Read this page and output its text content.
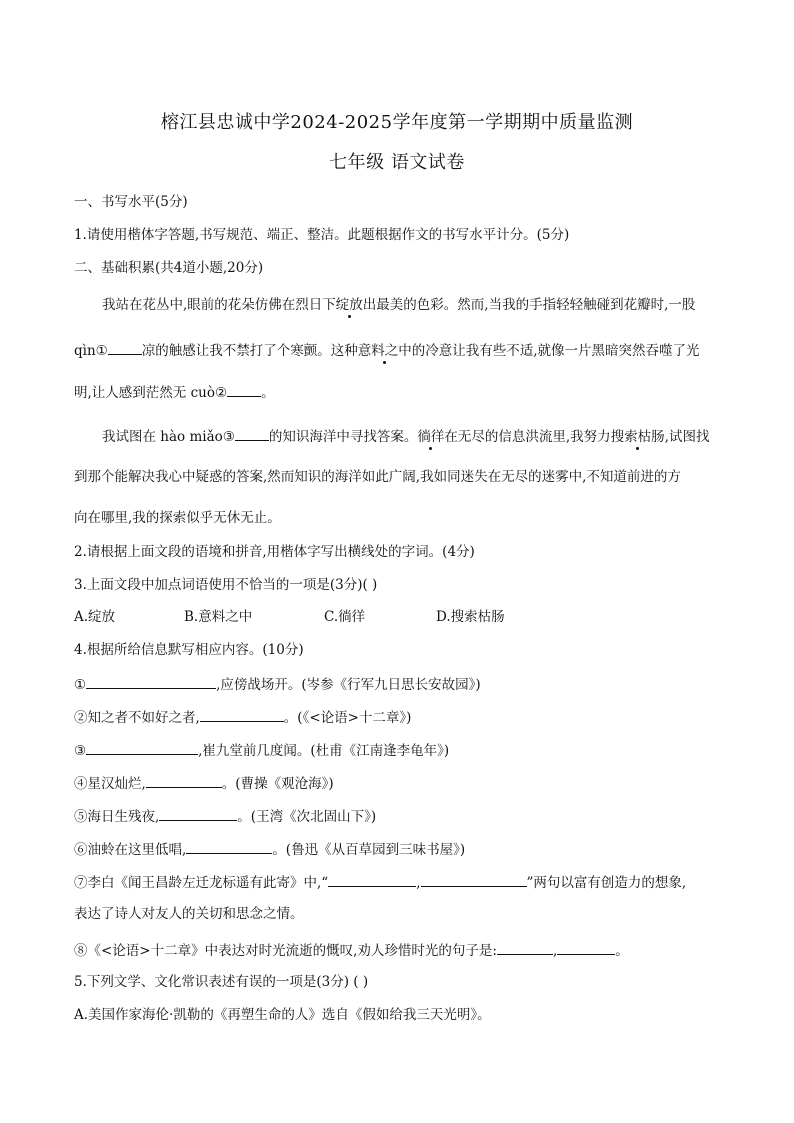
榕江县忠诚中学2024-2025学年度第一学期期中质量监测
七年级 语文试卷
一、书写水平(5分)
1.请使用楷体字答题,书写规范、端正、整洁。此题根据作文的书写水平计分。(5分)
二、基础积累(共4道小题,20分)
我站在花丛中,眼前的花朵仿佛在烈日下绽放出最美的色彩。然而,当我的手指轻轻触碰到花瓣时,一股
qìn①	凉的触感让我不禁打了个寒颤。这种意料之中的冷意让我有些不适,就像一片黑暗突然吞噬了光
明,让人感到茫然无 cuò②	。
我试图在 hào miǎo③	的知识海洋中寻找答案。徜徉在无尽的信息洪流里,我努力搜索枯肠,试图找
到那个能解决我心中疑惑的答案,然而知识的海洋如此广阔,我如同迷失在无尽的迷雾中,不知道前进的方
向在哪里,我的探索似乎无休无止。
2.请根据上面文段的语境和拼音,用楷体字写出横线处的字词。(4分)
3.上面文段中加点词语使用不恰当的一项是(3分)( )
A.绽放	B.意料之中	C.徜徉	D.搜索枯肠
4.根据所给信息默写相应内容。(10分)
①	,应傍战场开。(岑参《行军九日思长安故园》)
②知之者不如好之者,	。(《<论语>十二章》)
③	,崔九堂前几度闻。(杜甫《江南逢李龟年》)
④星汉灿烂,	。(曹操《观沧海》)
⑤海日生残夜,	。(王湾《次北固山下》)
⑥油蛉在这里低唱,	。(鲁迅《从百草园到三味书屋》)
⑦李白《闻王昌龄左迁龙标遥有此寄》中,“	,	”两句以富有创造力的想象,
表达了诗人对友人的关切和思念之情。
⑧《<论语>十二章》中表达对时光流逝的慨叹,劝人珍惜时光的句子是:	,	。
5.下列文学、文化常识表述有误的一项是(3分) ( )
A.美国作家海伦·凯勒的《再塑生命的人》选自《假如给我三天光明》。
